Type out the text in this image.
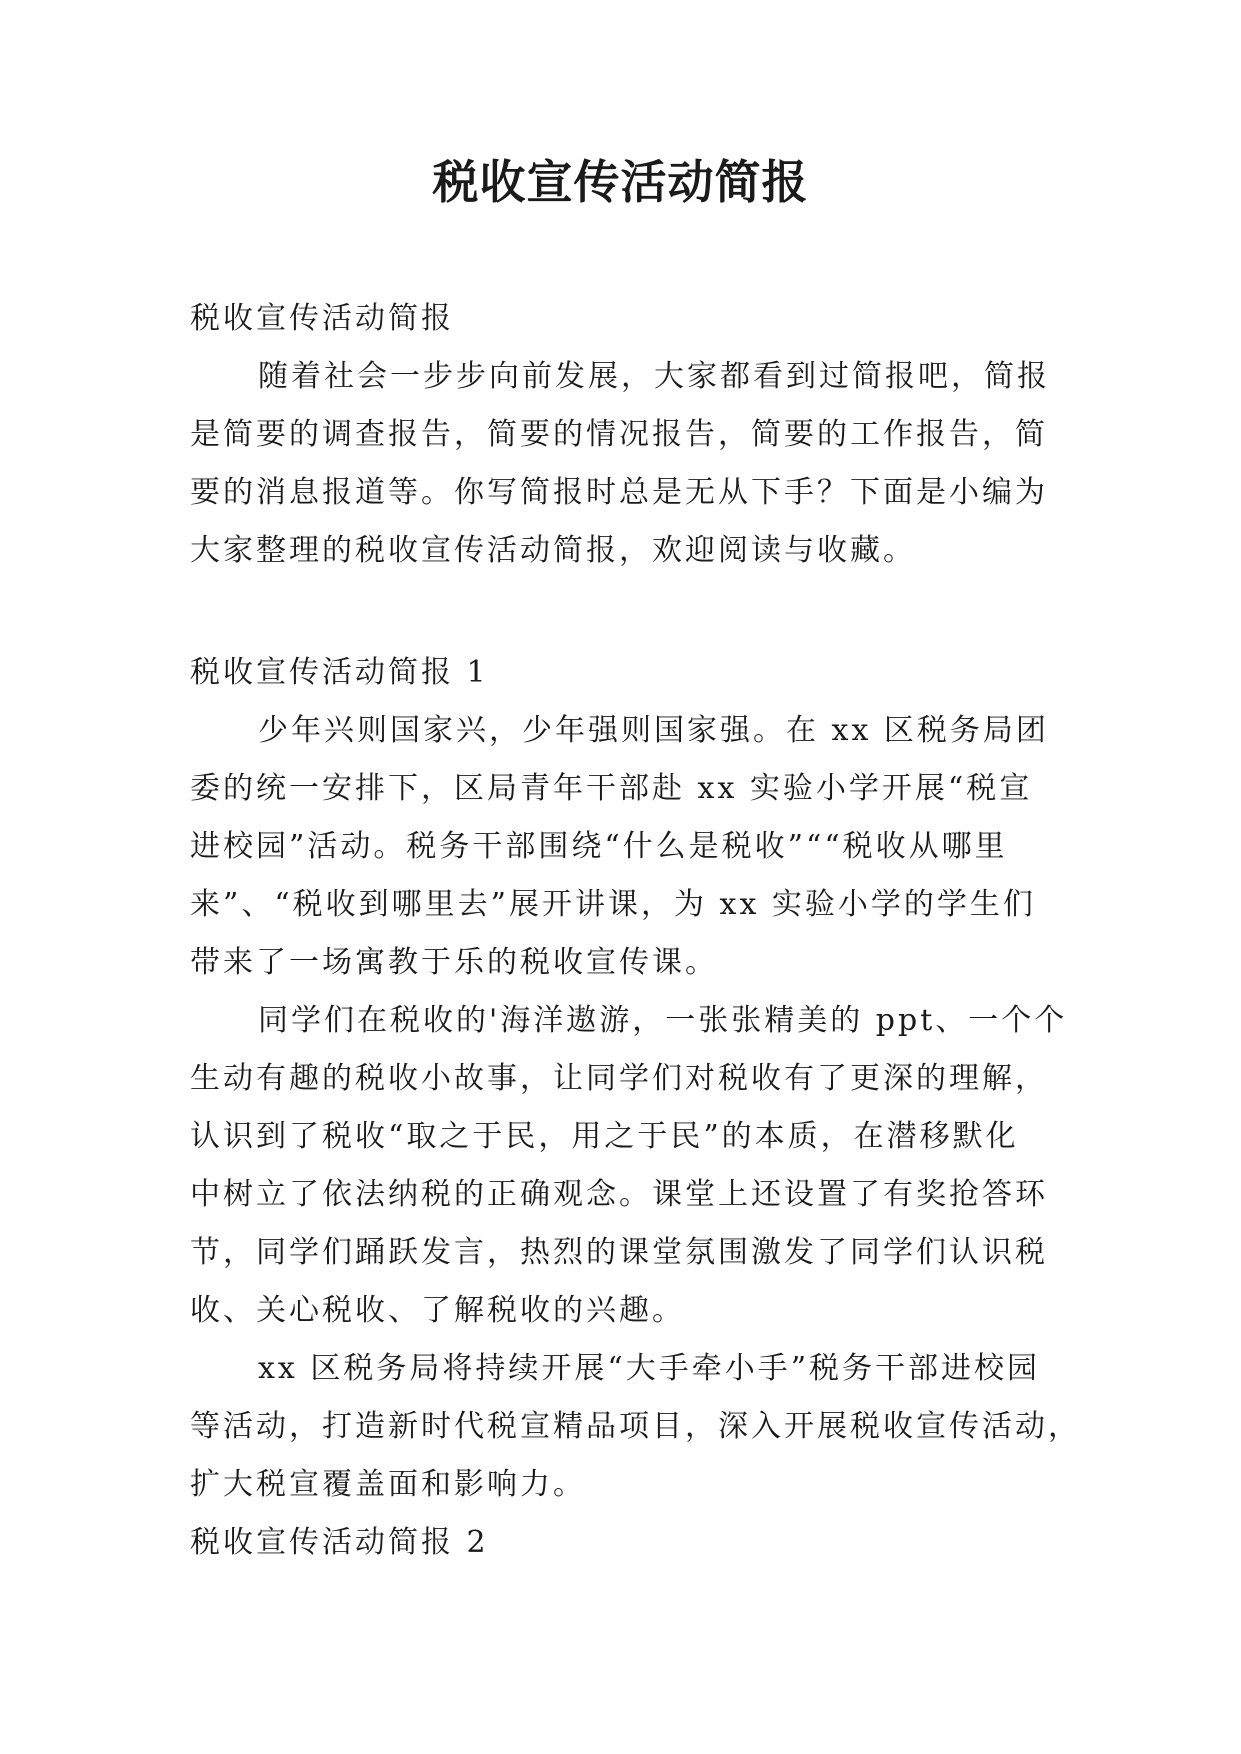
税收宣传活动简报
税收宣传活动简报
随着社会一步步向前发展，大家都看到过简报吧，简报
是简要的调查报告，简要的情况报告，简要的工作报告，简
要的消息报道等。你写简报时总是无从下手？下面是小编为
大家整理的税收宣传活动简报，欢迎阅读与收藏。
税收宣传活动简报 1
少年兴则国家兴，少年强则国家强。在 xx 区税务局团
委的统一安排下，区局青年干部赴 xx 实验小学开展“税宣
进校园”活动。税务干部围绕“什么是税收”““税收从哪里
来”、“税收到哪里去”展开讲课，为 xx 实验小学的学生们
带来了一场寓教于乐的税收宣传课。
同学们在税收的'海洋遨游，一张张精美的 ppt、一个个
生动有趣的税收小故事，让同学们对税收有了更深的理解，
认识到了税收“取之于民，用之于民”的本质，在潜移默化
中树立了依法纳税的正确观念。课堂上还设置了有奖抢答环
节，同学们踊跃发言，热烈的课堂氛围激发了同学们认识税
收、关心税收、了解税收的兴趣。
xx 区税务局将持续开展“大手牵小手”税务干部进校园
等活动，打造新时代税宣精品项目，深入开展税收宣传活动，
扩大税宣覆盖面和影响力。
税收宣传活动简报 2
